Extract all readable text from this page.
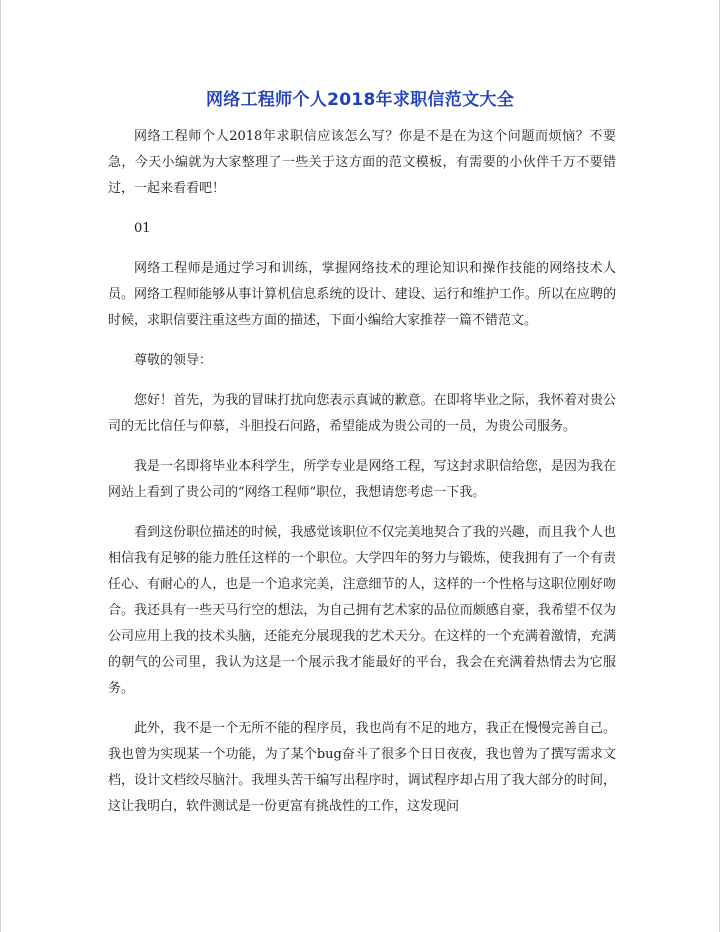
网络工程师个人2018年求职信范文大全

网络工程师个人2018年求职信应该怎么写？你是不是在为这个问题而烦恼？不要急，今天小编就为大家整理了一些关于这方面的范文模板，有需要的小伙伴千万不要错过，一起来看看吧！

01

网络工程师是通过学习和训练，掌握网络技术的理论知识和操作技能的网络技术人员。网络工程师能够从事计算机信息系统的设计、建设、运行和维护工作。所以在应聘的时候，求职信要注重这些方面的描述，下面小编给大家推荐一篇不错范文。

尊敬的领导：

您好！首先，为我的冒昧打扰向您表示真诚的歉意。在即将毕业之际，我怀着对贵公司的无比信任与仰慕，斗胆投石问路，希望能成为贵公司的一员，为贵公司服务。

我是一名即将毕业本科学生，所学专业是网络工程，写这封求职信给您，是因为我在网站上看到了贵公司的“网络工程师”职位，我想请您考虑一下我。

看到这份职位描述的时候，我感觉该职位不仅完美地契合了我的兴趣，而且我个人也相信我有足够的能力胜任这样的一个职位。大学四年的努力与锻炼，使我拥有了一个有责任心、有耐心的人，也是一个追求完美，注意细节的人，这样的一个性格与这职位刚好吻合。我还具有一些天马行空的想法，为自己拥有艺术家的品位而颇感自豪，我希望不仅为公司应用上我的技术头脑，还能充分展现我的艺术天分。在这样的一个充满着激情，充满的朝气的公司里，我认为这是一个展示我才能最好的平台，我会在充满着热情去为它服务。

此外，我不是一个无所不能的程序员，我也尚有不足的地方，我正在慢慢完善自己。我也曾为实现某一个功能，为了某个bug奋斗了很多个日日夜夜，我也曾为了撰写需求文档，设计文档绞尽脑汁。我埋头苦干编写出程序时，调试程序却占用了我大部分的时间，这让我明白，软件测试是一份更富有挑战性的工作，这发现问
